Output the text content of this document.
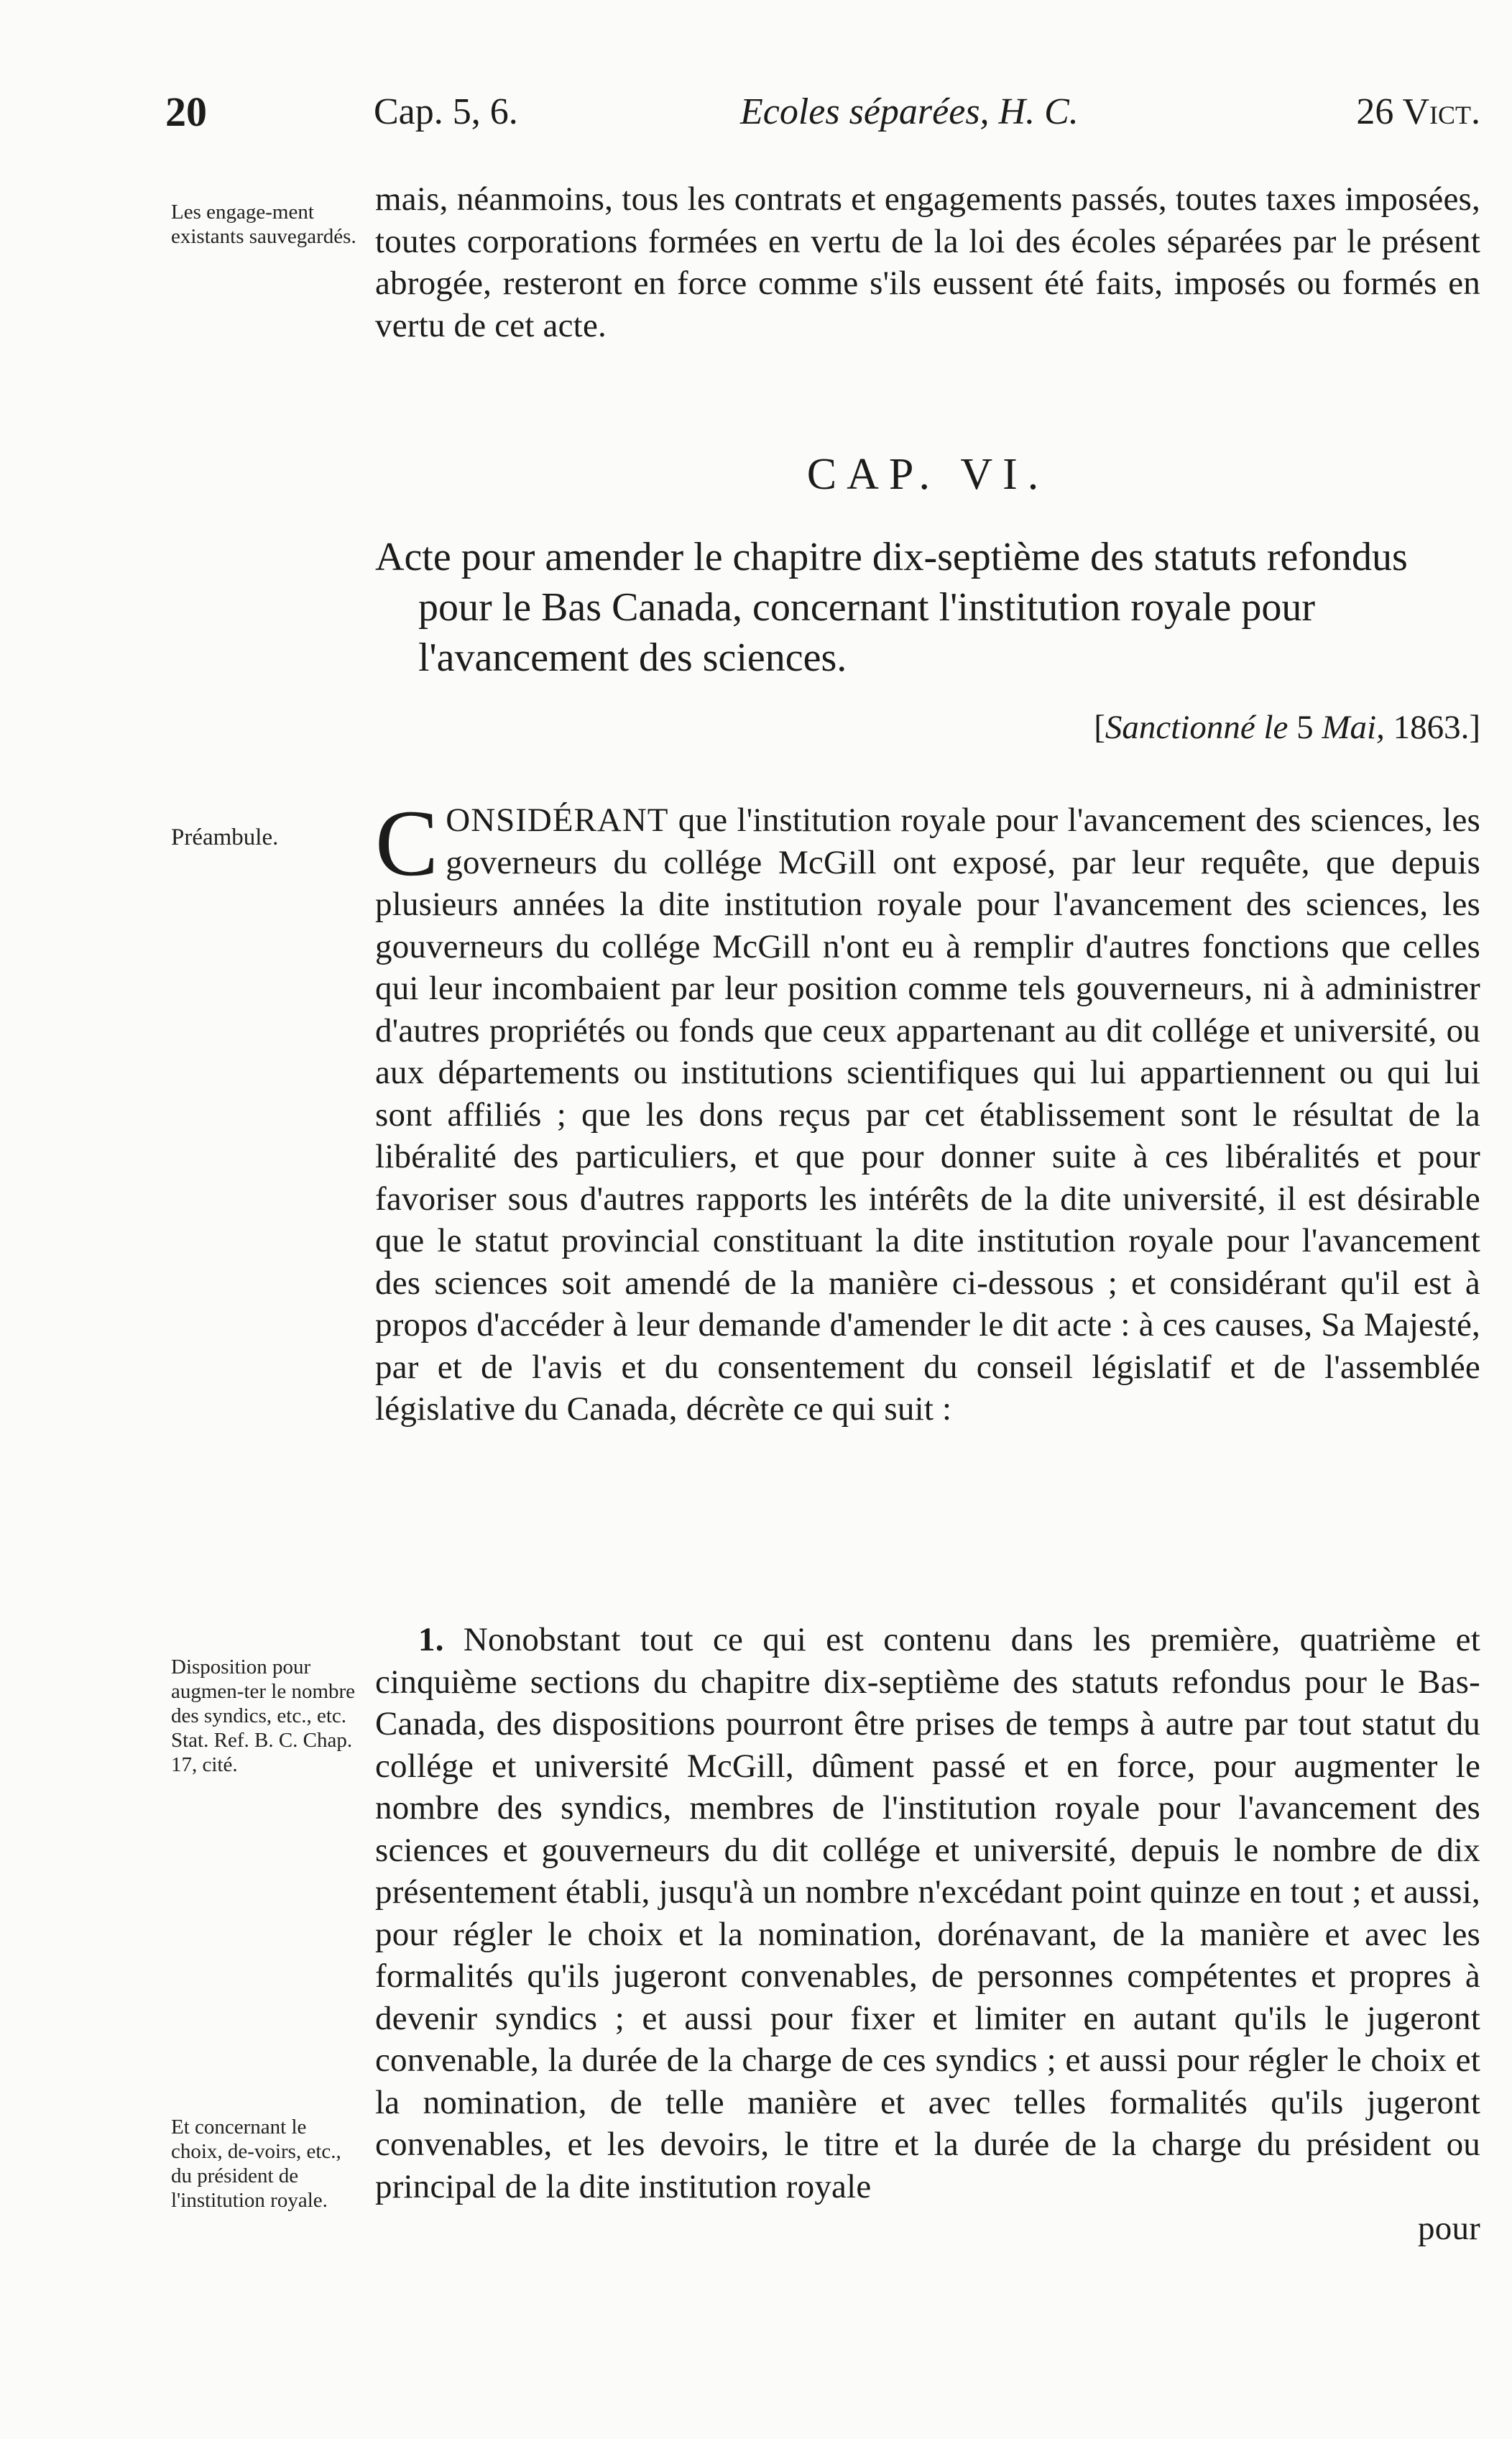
20	Cap. 5, 6.	Ecoles séparées, H. C.	26 Vict.
Les engage-ment existants sauvegardés.

mais, néanmoins, tous les contrats et engagements passés, toutes taxes imposées, toutes corporations formées en vertu de la loi des écoles séparées par le présent abrogée, resteront en force comme s'ils eussent été faits, imposés ou formés en vertu de cet acte.

CAP. VI.
Acte pour amender le chapitre dix-septième des statuts refondus pour le Bas Canada, concernant l'institution royale pour l'avancement des sciences.
[Sanctionné le 5 Mai, 1863.]
Préambule.	CONSIDÉRANT que l'institution royale pour l'avancement des sciences, les governeurs du collége McGill ont exposé, par leur requête, que depuis plusieurs années la dite institution royale pour l'avancement des sciences, les gouverneurs du collége McGill n'ont eu à remplir d'autres fonctions que celles qui leur incombaient par leur position comme tels gouverneurs, ni à administrer d'autres propriétés ou fonds que ceux appartenant au dit collége et université, ou aux départements ou institutions scientifiques qui lui appartiennent ou qui lui sont affiliés ; que les dons reçus par cet établissement sont le résultat de la libéralité des particuliers, et que pour donner suite à ces libéralités et pour favoriser sous d'autres rapports les intérêts de la dite université, il est désirable que le statut provincial constituant la dite institution royale pour l'avancement des sciences soit amendé de la manière ci-dessous ; et considérant qu'il est à propos d'accéder à leur demande d'amender le dit acte : à ces causes, Sa Majesté, par et de l'avis et du consentement du conseil législatif et de l'assemblée législative du Canada, décrète ce qui suit :

Disposition pour augmen-ter le nombre des syndics, etc., etc. Stat. Ref. B. C. Chap. 17, cité.
Et concernant le choix, de-voirs, etc., du président de l'institution royale.

1. Nonobstant tout ce qui est contenu dans les première, quatrième et cinquième sections du chapitre dix-septième des statuts refondus pour le Bas-Canada, des dispositions pourront être prises de temps à autre par tout statut du collége et université McGill, dûment passé et en force, pour augmenter le nombre des syndics, membres de l'institution royale pour l'avancement des sciences et gouverneurs du dit collége et université, depuis le nombre de dix présentement établi, jusqu'à un nombre n'excédant point quinze en tout ; et aussi, pour régler le choix et la nomination, dorénavant, de la manière et avec les formalités qu'ils jugeront convenables, de personnes compétentes et propres à devenir syndics ; et aussi pour fixer et limiter en autant qu'ils le jugeront convenable, la durée de la charge de ces syndics ; et aussi pour régler le choix et la nomination, de telle manière et avec telles formalités qu'ils jugeront convenables, et les devoirs, le titre et la durée de la charge du président ou principal de la dite institution royale

pour
